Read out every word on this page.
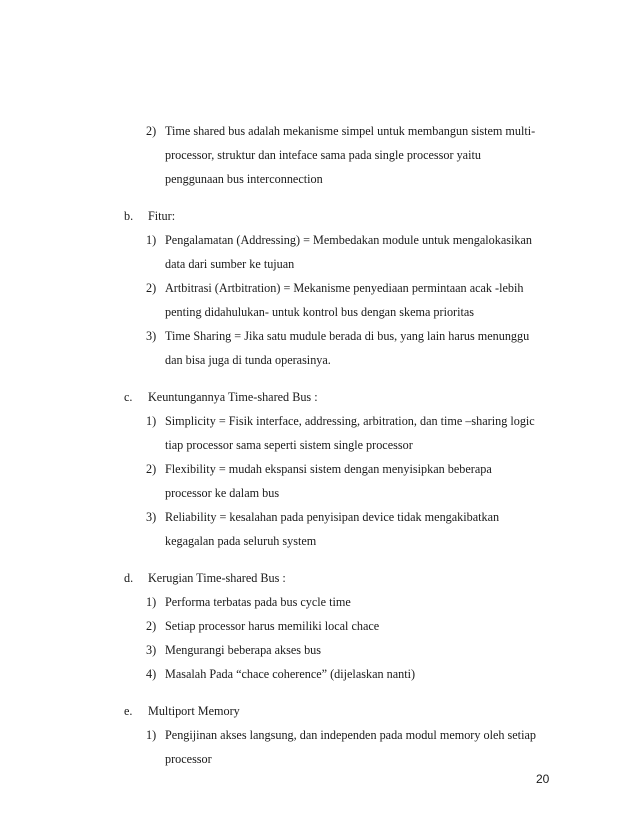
2) Time shared bus adalah mekanisme simpel untuk membangun sistem multi-

processor, struktur dan inteface sama pada single processor yaitu

penggunaan bus interconnection

b. Fitur:
1) Pengalamatan (Addressing) = Membedakan module untuk mengalokasikan

data dari sumber ke tujuan

2) Artbitrasi (Artbitration) = Mekanisme penyediaan permintaan acak -lebih

penting didahulukan- untuk kontrol bus dengan skema prioritas

3) Time Sharing = Jika satu mudule berada di bus, yang lain harus menunggu

dan bisa juga di tunda operasinya.

c. Keuntungannya Time-shared Bus :
1) Simplicity = Fisik interface, addressing, arbitration, dan time –sharing logic

tiap processor sama seperti sistem single processor

2) Flexibility = mudah ekspansi sistem dengan menyisipkan beberapa

processor ke dalam bus

3) Reliability = kesalahan pada penyisipan device tidak mengakibatkan

kegagalan pada seluruh system

d. Kerugian Time-shared Bus :
1) Performa terbatas pada bus cycle time

2) Setiap processor harus memiliki local chace

3) Mengurangi beberapa akses bus

4) Masalah Pada “chace coherence” (dijelaskan nanti)

e. Multiport Memory
1) Pengijinan akses langsung, dan independen pada modul memory oleh setiap

processor

20
